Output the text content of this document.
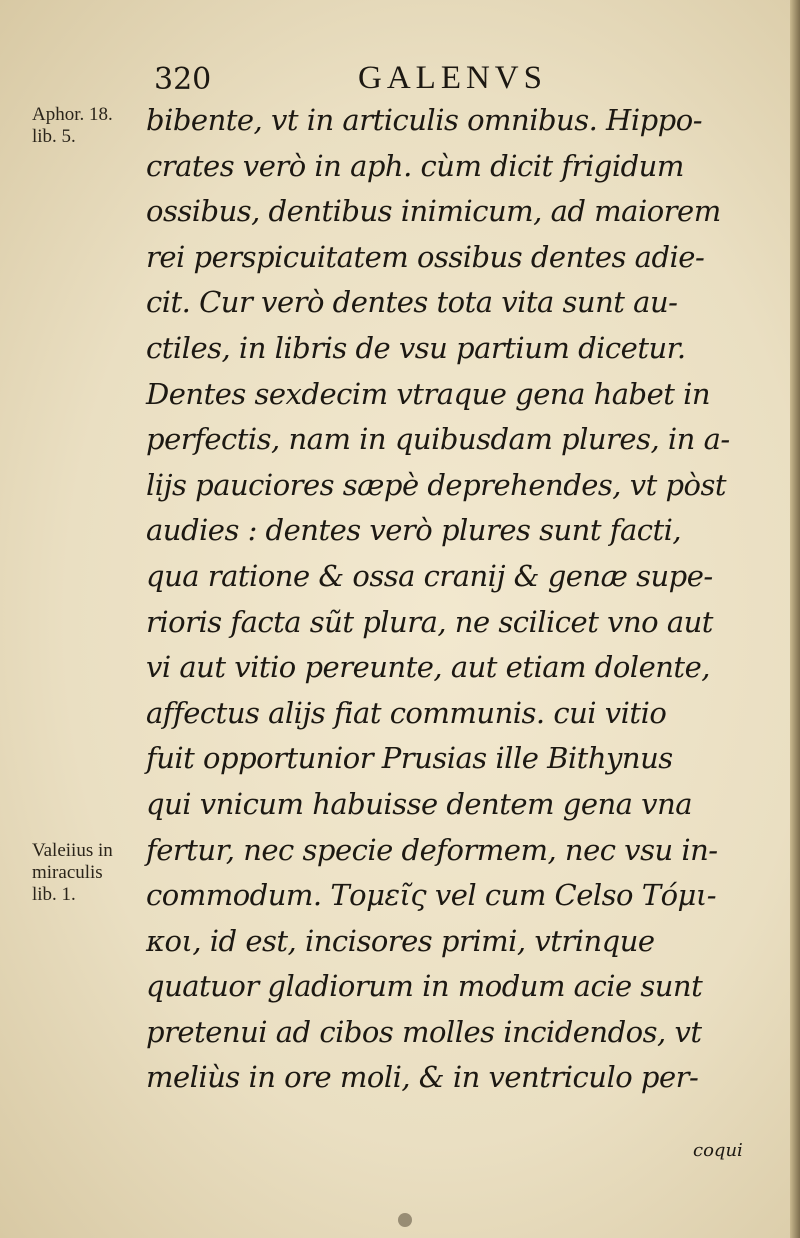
320	GALENVS
Aphor. 18.
lib. 5.
Valeiius in
miraculis
lib. 1.
bibente, vt in articulis omnibus. Hippo-
crates verò in aph. cùm dicit frigidum
ossibus, dentibus inimicum, ad maiorem
rei perspicuitatem ossibus dentes adie-
cit. Cur verò dentes tota vita sunt au-
ctiles, in libris de vsu partium dicetur.
Dentes sexdecim vtraque gena habet in
perfectis, nam in quibusdam plures, in a-
lijs pauciores sæpè deprehendes, vt pòst
audies : dentes verò plures sunt facti,
qua ratione & ossa cranij & genæ supe-
rioris facta sũt plura, ne scilicet vno aut
vi aut vitio pereunte, aut etiam dolente,
affectus alijs fiat communis. cui vitio
fuit opportunior Prusias ille Bithynus
qui vnicum habuisse dentem gena vna
fertur, nec specie deformem, nec vsu in-
commodum. Τομεῖς vel cum Celso Τόμι-
κοι, id est, incisores primi, vtrinque
quatuor gladiorum in modum acie sunt
pretenui ad cibos molles incidendos, vt
meliùs in ore moli, & in ventriculo per-
coqui
